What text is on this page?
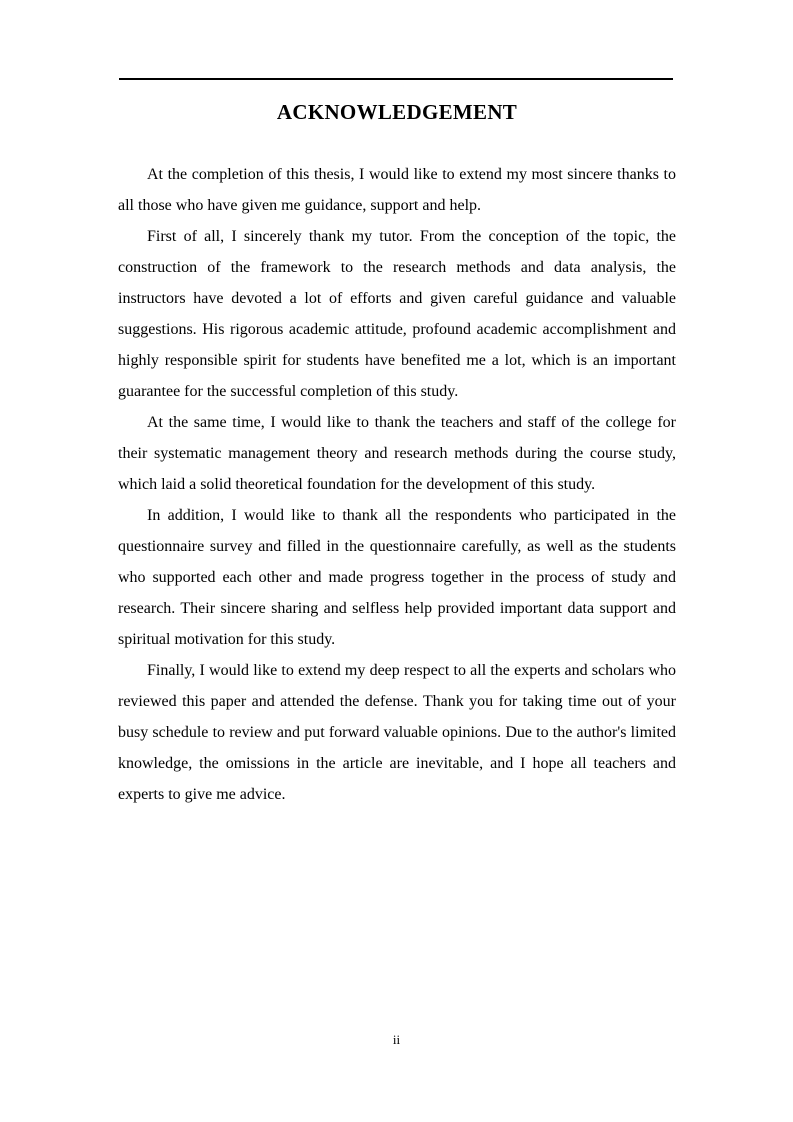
ACKNOWLEDGEMENT

At the completion of this thesis, I would like to extend my most sincere thanks to all those who have given me guidance, support and help.

First of all, I sincerely thank my tutor. From the conception of the topic, the construction of the framework to the research methods and data analysis, the instructors have devoted a lot of efforts and given careful guidance and valuable suggestions. His rigorous academic attitude, profound academic accomplishment and highly responsible spirit for students have benefited me a lot, which is an important guarantee for the successful completion of this study.

At the same time, I would like to thank the teachers and staff of the college for their systematic management theory and research methods during the course study, which laid a solid theoretical foundation for the development of this study.

In addition, I would like to thank all the respondents who participated in the questionnaire survey and filled in the questionnaire carefully, as well as the students who supported each other and made progress together in the process of study and research. Their sincere sharing and selfless help provided important data support and spiritual motivation for this study.

Finally, I would like to extend my deep respect to all the experts and scholars who reviewed this paper and attended the defense. Thank you for taking time out of your busy schedule to review and put forward valuable opinions. Due to the author's limited knowledge, the omissions in the article are inevitable, and I hope all teachers and experts to give me advice.

ii
